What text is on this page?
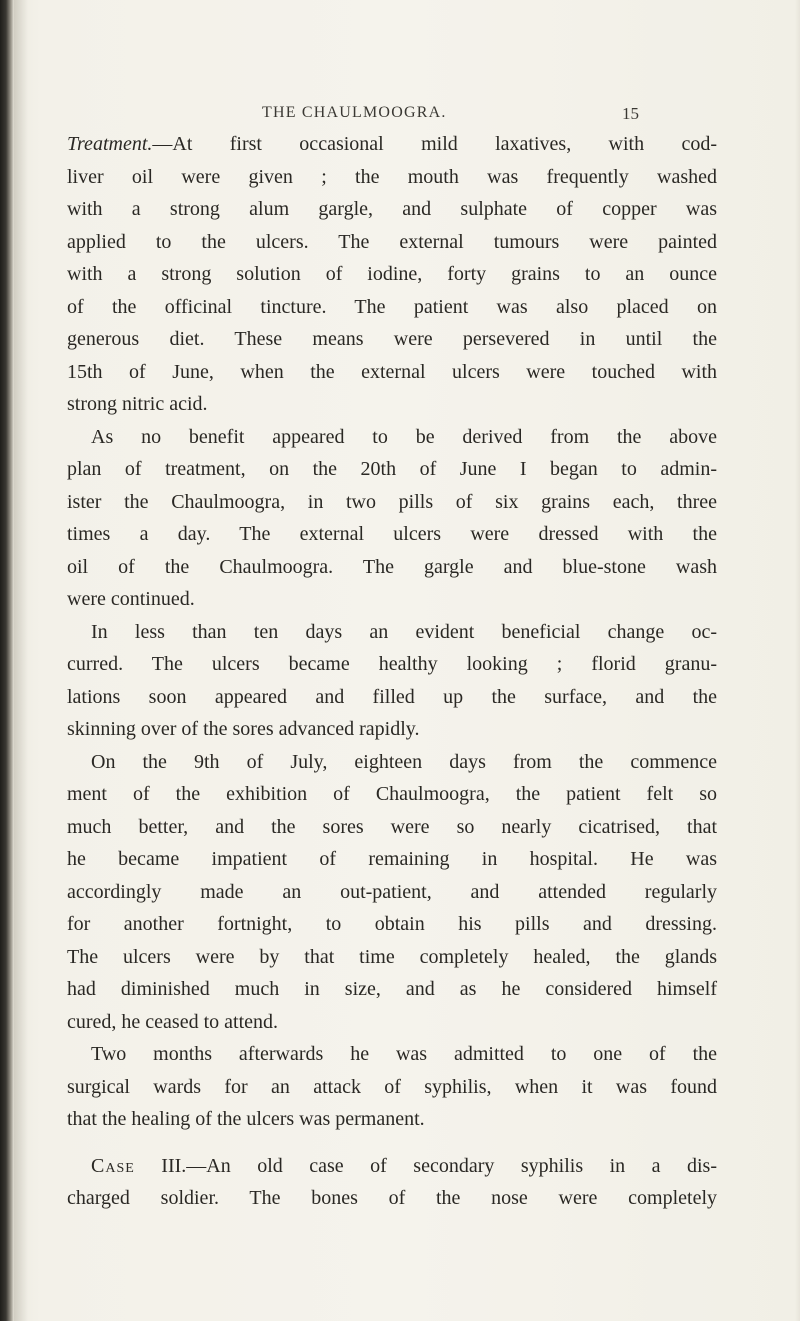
THE CHAULMOOGRA.	15
Treatment.—At first occasional mild laxatives, with cod-
liver oil were given ; the mouth was frequently washed
with a strong alum gargle, and sulphate of copper was
applied to the ulcers. The external tumours were painted
with a strong solution of iodine, forty grains to an ounce
of the officinal tincture. The patient was also placed on
generous diet. These means were persevered in until the
15th of June, when the external ulcers were touched with
strong nitric acid.
As no benefit appeared to be derived from the above
plan of treatment, on the 20th of June I began to admin-
ister the Chaulmoogra, in two pills of six grains each, three
times a day. The external ulcers were dressed with the
oil of the Chaulmoogra. The gargle and blue-stone wash
were continued.
In less than ten days an evident beneficial change oc-
curred. The ulcers became healthy looking ; florid granu-
lations soon appeared and filled up the surface, and the
skinning over of the sores advanced rapidly.
On the 9th of July, eighteen days from the commence
ment of the exhibition of Chaulmoogra, the patient felt so
much better, and the sores were so nearly cicatrised, that
he became impatient of remaining in hospital. He was
accordingly made an out-patient, and attended regularly
for another fortnight, to obtain his pills and dressing.
The ulcers were by that time completely healed, the glands
had diminished much in size, and as he considered himself
cured, he ceased to attend.
Two months afterwards he was admitted to one of the
surgical wards for an attack of syphilis, when it was found
that the healing of the ulcers was permanent.
Case III.—An old case of secondary syphilis in a dis-
charged soldier. The bones of the nose were completely
